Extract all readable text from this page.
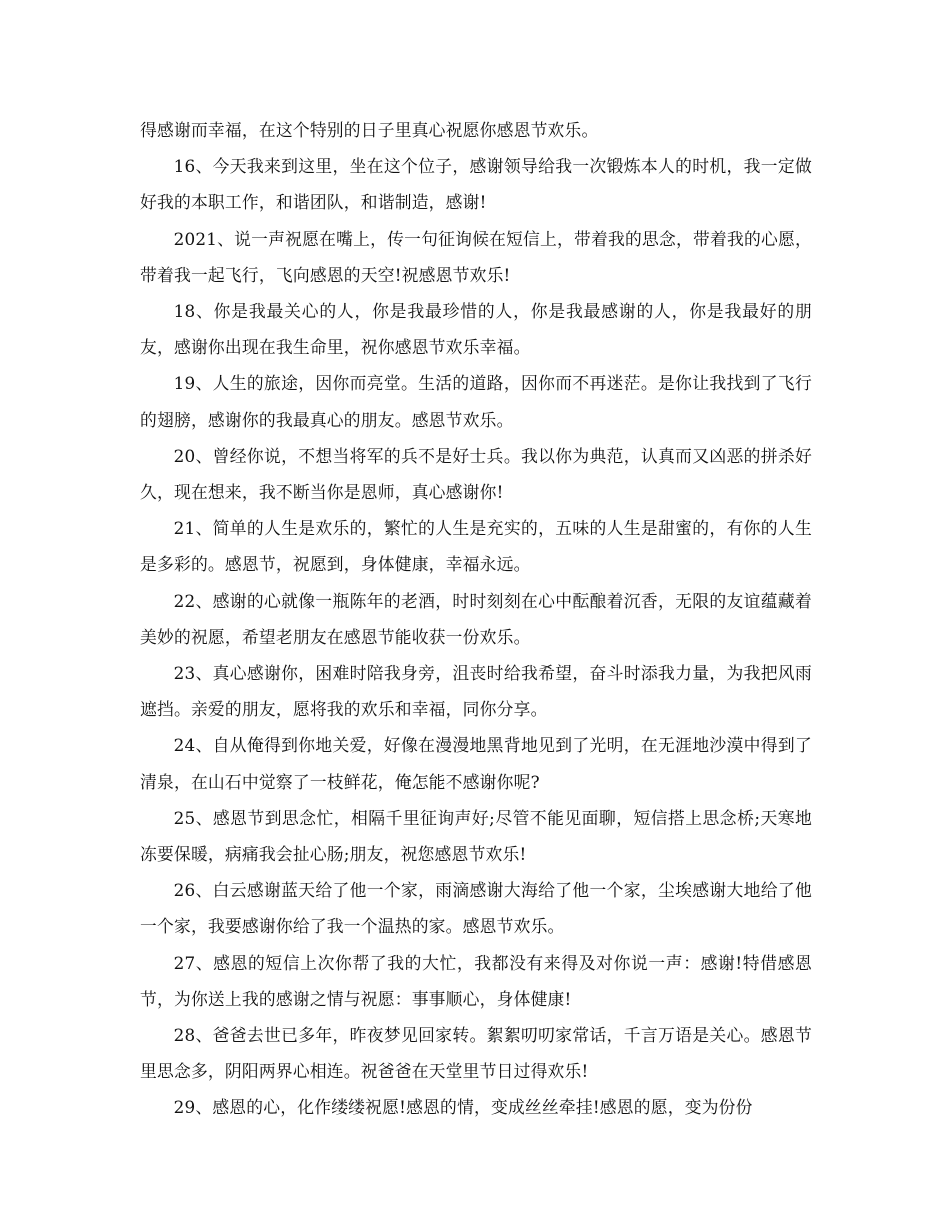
得感谢而幸福，在这个特别的日子里真心祝愿你感恩节欢乐。

16、今天我来到这里，坐在这个位子，感谢领导给我一次锻炼本人的时机，我一定做好我的本职工作，和谐团队，和谐制造，感谢!

2021、说一声祝愿在嘴上，传一句征询候在短信上，带着我的思念，带着我的心愿，带着我一起飞行，飞向感恩的天空!祝感恩节欢乐!

18、你是我最关心的人，你是我最珍惜的人，你是我最感谢的人，你是我最好的朋友，感谢你出现在我生命里，祝你感恩节欢乐幸福。

19、人生的旅途，因你而亮堂。生活的道路，因你而不再迷茫。是你让我找到了飞行的翅膀，感谢你的我最真心的朋友。感恩节欢乐。

20、曾经你说，不想当将军的兵不是好士兵。我以你为典范，认真而又凶恶的拼杀好久，现在想来，我不断当你是恩师，真心感谢你!

21、简单的人生是欢乐的，繁忙的人生是充实的，五味的人生是甜蜜的，有你的人生是多彩的。感恩节，祝愿到，身体健康，幸福永远。

22、感谢的心就像一瓶陈年的老酒，时时刻刻在心中酝酿着沉香，无限的友谊蕴藏着美妙的祝愿，希望老朋友在感恩节能收获一份欢乐。

23、真心感谢你，困难时陪我身旁，沮丧时给我希望，奋斗时添我力量，为我把风雨遮挡。亲爱的朋友，愿将我的欢乐和幸福，同你分享。

24、自从俺得到你地关爱，好像在漫漫地黑背地见到了光明，在无涯地沙漠中得到了清泉，在山石中觉察了一枝鲜花，俺怎能不感谢你呢?

25、感恩节到思念忙，相隔千里征询声好;尽管不能见面聊，短信搭上思念桥;天寒地冻要保暖，病痛我会扯心肠;朋友，祝您感恩节欢乐!

26、白云感谢蓝天给了他一个家，雨滴感谢大海给了他一个家，尘埃感谢大地给了他一个家，我要感谢你给了我一个温热的家。感恩节欢乐。

27、感恩的短信上次你帮了我的大忙，我都没有来得及对你说一声：感谢!特借感恩节，为你送上我的感谢之情与祝愿：事事顺心，身体健康!

28、爸爸去世已多年，昨夜梦见回家转。絮絮叨叨家常话，千言万语是关心。感恩节里思念多，阴阳两界心相连。祝爸爸在天堂里节日过得欢乐!

29、感恩的心，化作缕缕祝愿!感恩的情，变成丝丝牵挂!感恩的愿，变为份份
